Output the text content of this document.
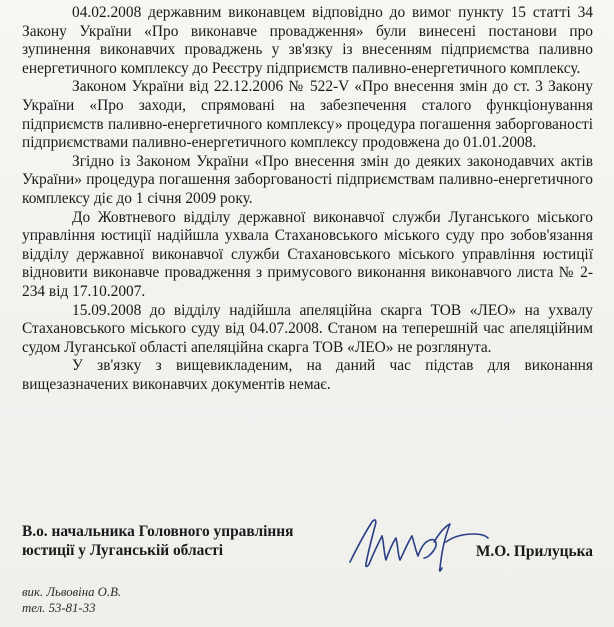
04.02.2008 державним виконавцем відповідно до вимог пункту 15 статті 34 Закону України «Про виконавче провадження» були винесені постанови про зупинення виконавчих проваджень у зв'язку із внесенням підприємства паливно енергетичного комплексу до Реєстру підприємств паливно-енергетичного комплексу.

Законом України від 22.12.2006 № 522-V «Про внесення змін до ст. 3 Закону України «Про заходи, спрямовані на забезпечення сталого функціонування підприємств паливно-енергетичного комплексу» процедура погашення заборгованості підприємствами паливно-енергетичного комплексу продовжена до 01.01.2008.

Згідно із Законом України «Про внесення змін до деяких законодавчих актів України» процедура погашення заборгованості підприємствам паливно-енергетичного комплексу діє до 1 січня 2009 року.

До Жовтневого відділу державної виконавчої служби Луганського міського управління юстиції надійшла ухвала Стахановського міського суду про зобов'язання відділу державної виконавчої служби Стахановського міського управління юстиції відновити виконавче провадження з примусового виконання виконавчого листа № 2-234 від 17.10.2007.

15.09.2008 до відділу надійшла апеляційна скарга ТОВ «ЛЕО» на ухвалу Стахановського міського суду від 04.07.2008. Станом на теперешній час апеляційним судом Луганської області апеляційна скарга ТОВ «ЛЕО» не розглянута.

У зв'язку з вищевикладеним, на даний час підстав для виконання вищезазначених виконавчих документів немає.

В.о. начальника Головного управління
юстиції у Луганській області	М.О. Прилуцька

вик. Львовіна О.В.
тел. 53-81-33
